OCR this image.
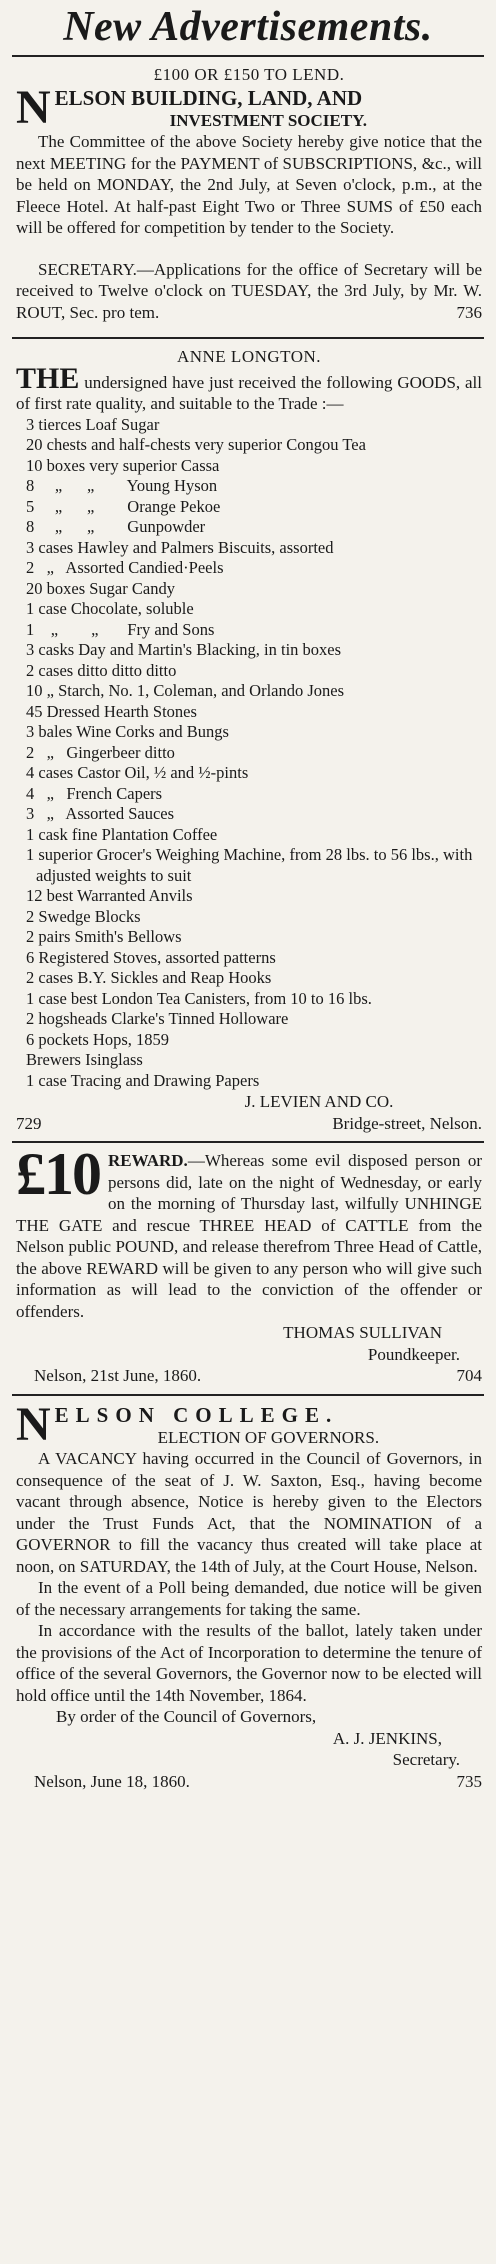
New Advertisements.
£100 OR £150 TO LEND.
N ELSON BUILDING, LAND, AND
INVESTMENT SOCIETY.
The Committee of the above Society hereby give notice that the next MEETING for the PAYMENT of SUBSCRIPTIONS, &c., will be held on MONDAY, the 2nd July, at Seven o'clock, p.m., at the Fleece Hotel. At half-past Eight Two or Three SUMS of £50 each will be offered for competition by tender to the Society.
SECRETARY.—Applications for the office of Secretary will be received to Twelve o'clock on TUESDAY, the 3rd July, by Mr. W. ROUT, Sec. pro tem.	736
ANNE LONGTON.
THE undersigned have just received the following GOODS, all of first rate quality, and suitable to the Trade :—
3 tierces Loaf Sugar
20 chests and half-chests very superior Congou Tea
10 boxes very superior Cassa
8     „      „        Young Hyson
5     „      „        Orange Pekoe
8     „      „        Gunpowder
3 cases Hawley and Palmers Biscuits, assorted
2   „   Assorted Candied·Peels
20 boxes Sugar Candy
1 case Chocolate, soluble
1    „        „       Fry and Sons
3 casks Day and Martin's Blacking, in tin boxes
2 cases ditto ditto ditto
10 „ Starch, No. 1, Coleman, and Orlando Jones
45 Dressed Hearth Stones
3 bales Wine Corks and Bungs
2   „   Gingerbeer ditto
4 cases Castor Oil, ½ and ½-pints
4   „   French Capers
3   „   Assorted Sauces
1 cask fine Plantation Coffee
1 superior Grocer's Weighing Machine, from 28 lbs. to 56 lbs., with adjusted weights to suit
12 best Warranted Anvils
2 Swedge Blocks
2 pairs Smith's Bellows
6 Registered Stoves, assorted patterns
2 cases B.Y. Sickles and Reap Hooks
1 case best London Tea Canisters, from 10 to 16 lbs.
2 hogsheads Clarke's Tinned Holloware
6 pockets Hops, 1859
Brewers Isinglass
1 case Tracing and Drawing Papers
J. LEVIEN AND CO.
729	Bridge-street, Nelson.
£10 REWARD.—Whereas some evil disposed person or persons did, late on the night of Wednesday, or early on the morning of Thursday last, wilfully UNHINGE THE GATE and rescue THREE HEAD of CATTLE from the Nelson public POUND, and release therefrom Three Head of Cattle, the above REWARD will be given to any person who will give such information as will lead to the conviction of the offender or offenders.
THOMAS SULLIVAN
Poundkeeper.
Nelson, 21st June, 1860.	704
N ELSON COLLEGE.
ELECTION OF GOVERNORS.
A VACANCY having occurred in the Council of Governors, in consequence of the seat of J. W. Saxton, Esq., having become vacant through absence, Notice is hereby given to the Electors under the Trust Funds Act, that the NOMINATION of a GOVERNOR to fill the vacancy thus created will take place at noon, on SATURDAY, the 14th of July, at the Court House, Nelson.
In the event of a Poll being demanded, due notice will be given of the necessary arrangements for taking the same.
In accordance with the results of the ballot, lately taken under the provisions of the Act of Incorporation to determine the tenure of office of the several Governors, the Governor now to be elected will hold office until the 14th November, 1864.
By order of the Council of Governors,
A. J. JENKINS,
Secretary.
Nelson, June 18, 1860.	735
